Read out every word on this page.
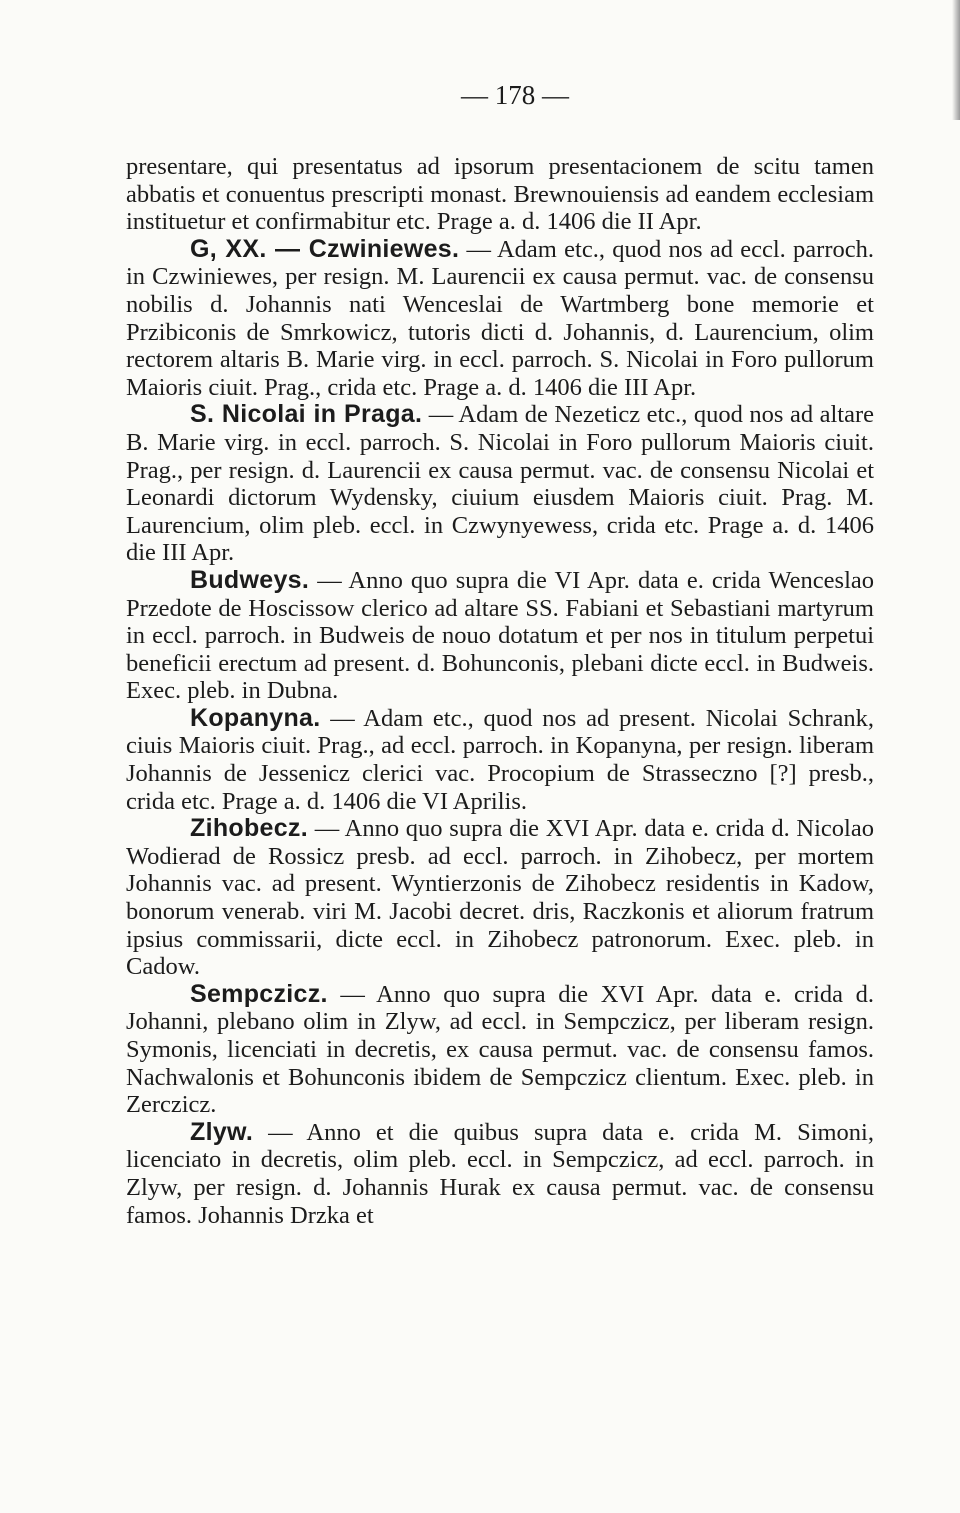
— 178 —

presentare, qui presentatus ad ipsorum presentacionem de scitu tamen abbatis et conuentus prescripti monast. Brewnouiensis ad eandem ecclesiam instituetur et confirmabitur etc. Prage a. d. 1406 die II Apr.

G, XX. — Czwiniewes. — Adam etc., quod nos ad eccl. parroch. in Czwiniewes, per resign. M. Laurencii ex causa permut. vac. de consensu nobilis d. Johannis nati Wenceslai de Wartmberg bone memorie et Przibiconis de Smrkowicz, tutoris dicti d. Johannis, d. Laurencium, olim rectorem altaris B. Marie virg. in eccl. parroch. S. Nicolai in Foro pullorum Maioris ciuit. Prag., crida etc. Prage a. d. 1406 die III Apr.

S. Nicolai in Praga. — Adam de Nezeticz etc., quod nos ad altare B. Marie virg. in eccl. parroch. S. Nicolai in Foro pullorum Maioris ciuit. Prag., per resign. d. Laurencii ex causa permut. vac. de consensu Nicolai et Leonardi dictorum Wydensky, ciuium eiusdem Maioris ciuit. Prag. M. Laurencium, olim pleb. eccl. in Czwynyewess, crida etc. Prage a. d. 1406 die III Apr.

Budweys. — Anno quo supra die VI Apr. data e. crida Wenceslao Przedote de Hoscissow clerico ad altare SS. Fabiani et Sebastiani martyrum in eccl. parroch. in Budweis de nouo dotatum et per nos in titulum perpetui beneficii erectum ad present. d. Bohunconis, plebani dicte eccl. in Budweis. Exec. pleb. in Dubna.

Kopanyna. — Adam etc., quod nos ad present. Nicolai Schrank, ciuis Maioris ciuit. Prag., ad eccl. parroch. in Kopanyna, per resign. liberam Johannis de Jessenicz clerici vac. Procopium de Strasseczno [?] presb., crida etc. Prage a. d. 1406 die VI Aprilis.

Zihobecz. — Anno quo supra die XVI Apr. data e. crida d. Nicolao Wodierad de Rossicz presb. ad eccl. parroch. in Zihobecz, per mortem Johannis vac. ad present. Wyntierzonis de Zihobecz residentis in Kadow, bonorum venerab. viri M. Jacobi decret. dris, Raczkonis et aliorum fratrum ipsius commissarii, dicte eccl. in Zihobecz patronorum. Exec. pleb. in Cadow.

Sempczicz. — Anno quo supra die XVI Apr. data e. crida d. Johanni, plebano olim in Zlyw, ad eccl. in Sempczicz, per liberam resign. Symonis, licenciati in decretis, ex causa permut. vac. de consensu famos. Nachwalonis et Bohunconis ibidem de Sempczicz clientum. Exec. pleb. in Zerczicz.

Zlyw. — Anno et die quibus supra data e. crida M. Simoni, licenciato in decretis, olim pleb. eccl. in Sempczicz, ad eccl. parroch. in Zlyw, per resign. d. Johannis Hurak ex causa permut. vac. de consensu famos. Johannis Drzka et
